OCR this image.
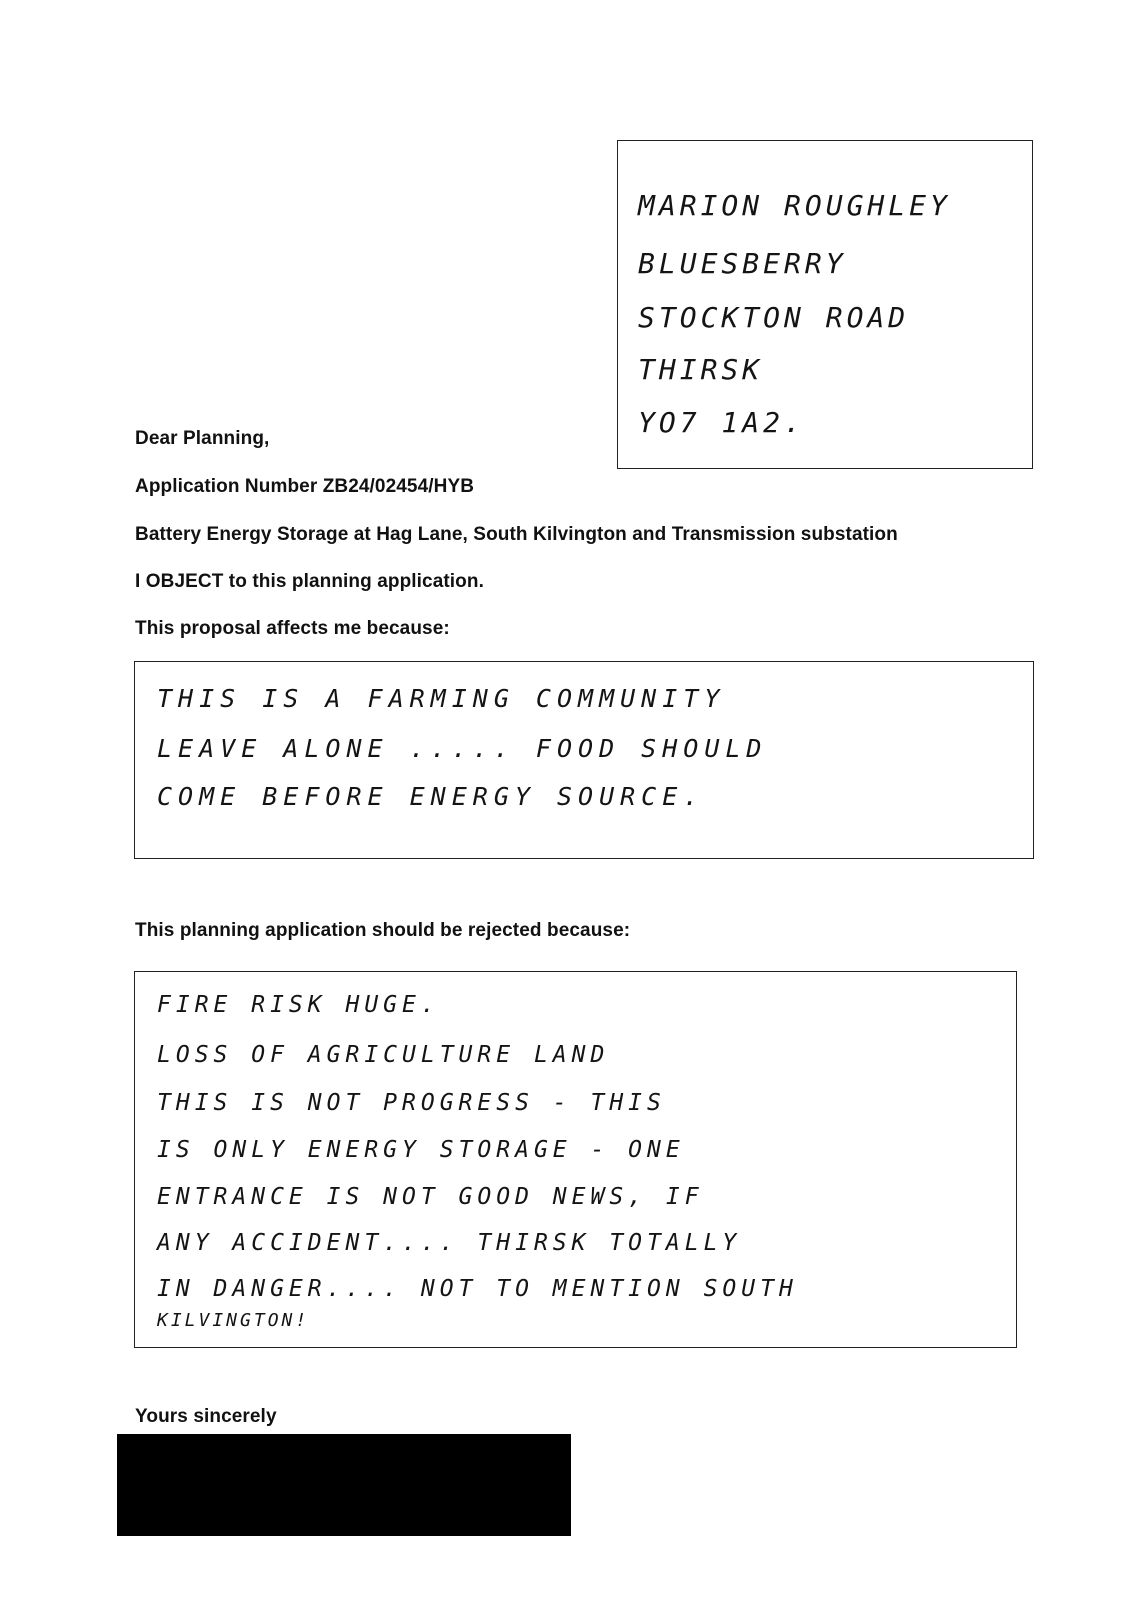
MARION ROUGHLEY
BLUESBERRY
STOCKTON ROAD
THIRSK
YO7 1A2.
Dear Planning,
Application Number ZB24/02454/HYB
Battery Energy Storage at Hag Lane, South Kilvington and Transmission substation
I OBJECT to this planning application.
This proposal affects me because:
THIS IS A FARMING COMMUNITY
LEAVE ALONE ..... FOOD SHOULD
COME BEFORE ENERGY SOURCE.
This planning application should be rejected because:
FIRE RISK HUGE.
LOSS OF AGRICULTURE LAND
THIS IS NOT PROGRESS - THIS
IS ONLY ENERGY STORAGE - ONE
ENTRANCE IS NOT GOOD NEWS, IF
ANY ACCIDENT.... THIRSK TOTALLY
IN DANGER.... NOT TO MENTION SOUTH
KILVINGTON!
Yours sincerely
